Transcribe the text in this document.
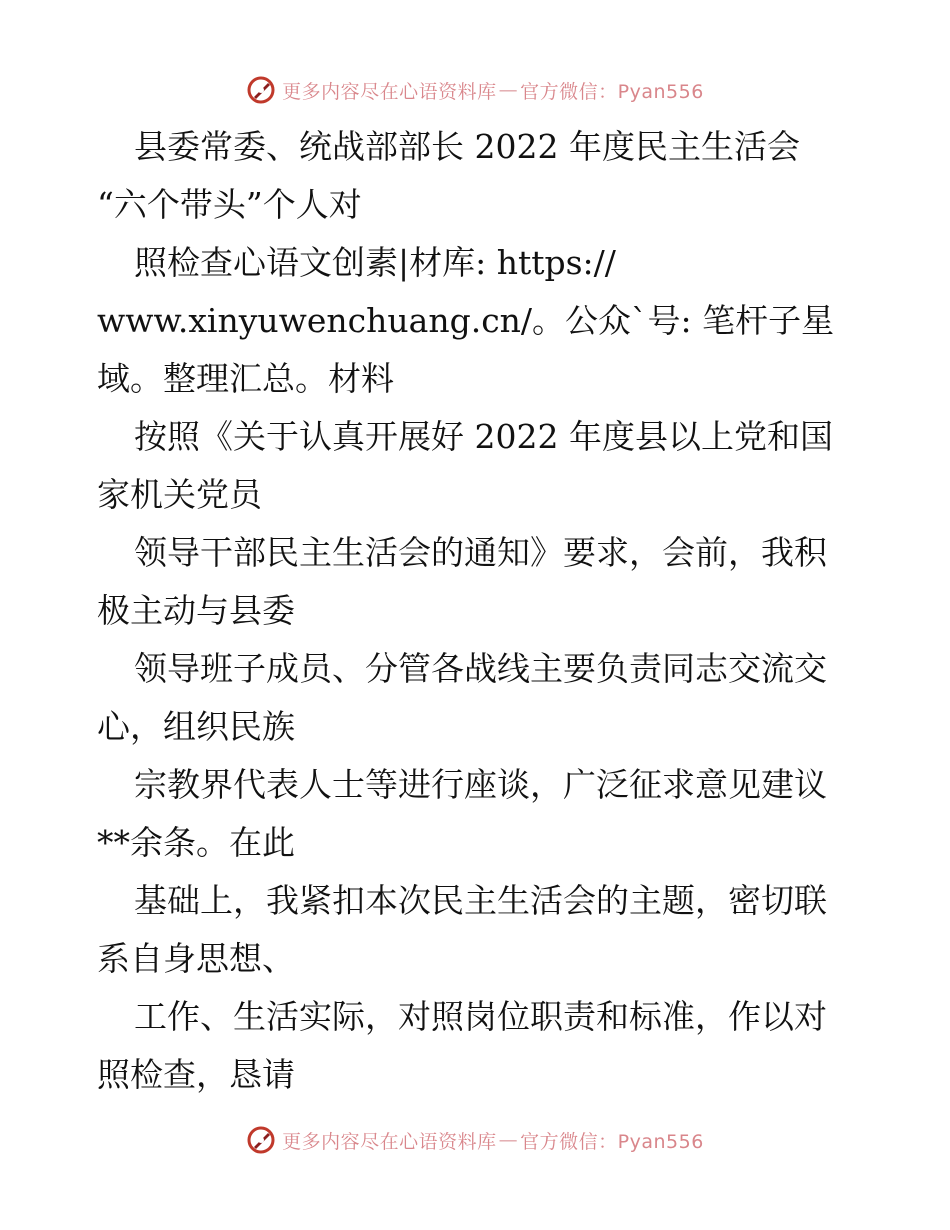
更多内容尽在心语资料库 — 官方微信：Pyan556
县委常委、统战部部长 2022 年度民主生活会
“六个带头”个人对
照检查心语文创素|材库: https://
www.xinyuwenchuang.cn/。公众`号: 笔杆子星
域。整理汇总。材料
按照《关于认真开展好 2022 年度县以上党和国
家机关党员
领导干部民主生活会的通知》要求，会前，我积
极主动与县委
领导班子成员、分管各战线主要负责同志交流交
心，组织民族
宗教界代表人士等进行座谈，广泛征求意见建议
**余条。在此
基础上，我紧扣本次民主生活会的主题，密切联
系自身思想、
工作、生活实际，对照岗位职责和标准，作以对
照检查，恳请
更多内容尽在心语资料库 — 官方微信：Pyan556
